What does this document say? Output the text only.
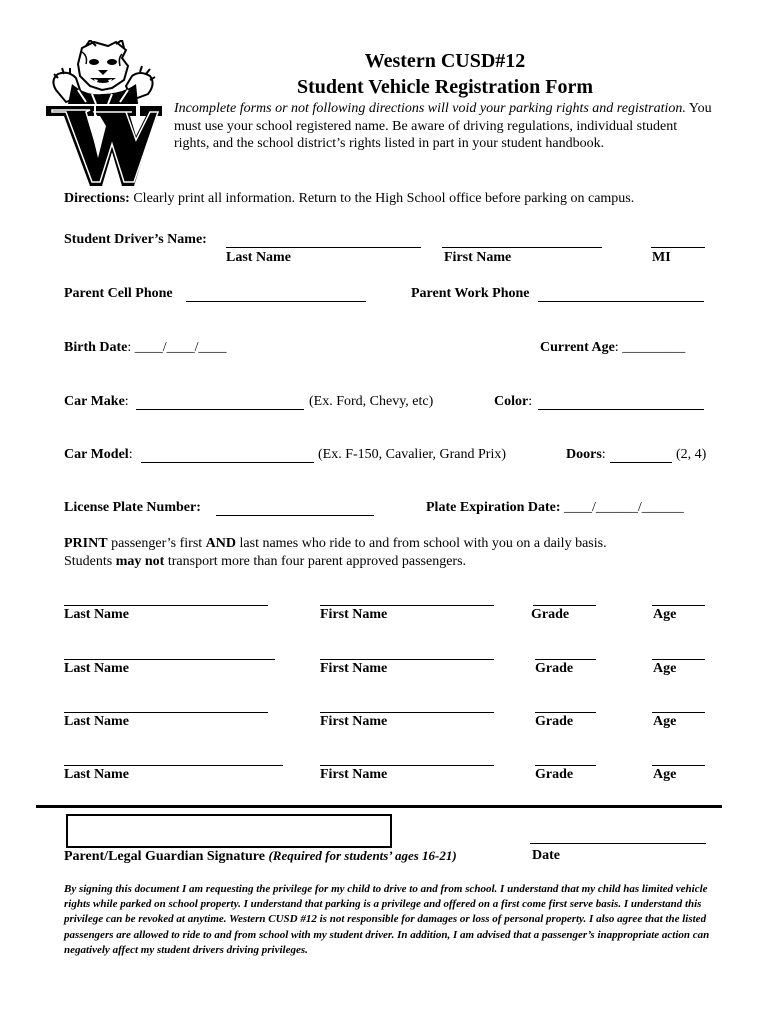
Western CUSD#12
Student Vehicle Registration Form
Incomplete forms or not following directions will void your parking rights and registration. You must use your school registered name. Be aware of driving regulations, individual student rights, and the school district’s rights listed in part in your student handbook.
Directions: Clearly print all information. Return to the High School office before parking on campus.
Student Driver’s Name:
Last Name	First Name	MI
Parent Cell Phone	Parent Work Phone
Birth Date: ____/____/____	Current Age: _________
Car Make:	(Ex. Ford, Chevy, etc)	Color:
Car Model:	(Ex. F-150, Cavalier, Grand Prix)	Doors:	(2, 4)
License Plate Number:	Plate Expiration Date: ____/______/______
PRINT passenger’s first AND last names who ride to and from school with you on a daily basis.
Students may not transport more than four parent approved passengers.
Last Name	First Name	Grade	Age
Last Name	First Name	Grade	Age
Last Name	First Name	Grade	Age
Last Name	First Name	Grade	Age
Parent/Legal Guardian Signature (Required for students’ ages 16-21)	Date
By signing this document I am requesting the privilege for my child to drive to and from school. I understand that my child has limited vehicle rights while parked on school property. I understand that parking is a privilege and offered on a first come first serve basis. I understand this privilege can be revoked at anytime. Western CUSD #12 is not responsible for damages or loss of personal property. I also agree that the listed passengers are allowed to ride to and from school with my student driver. In addition, I am advised that a passenger’s inappropriate action can negatively affect my student drivers driving privileges.
